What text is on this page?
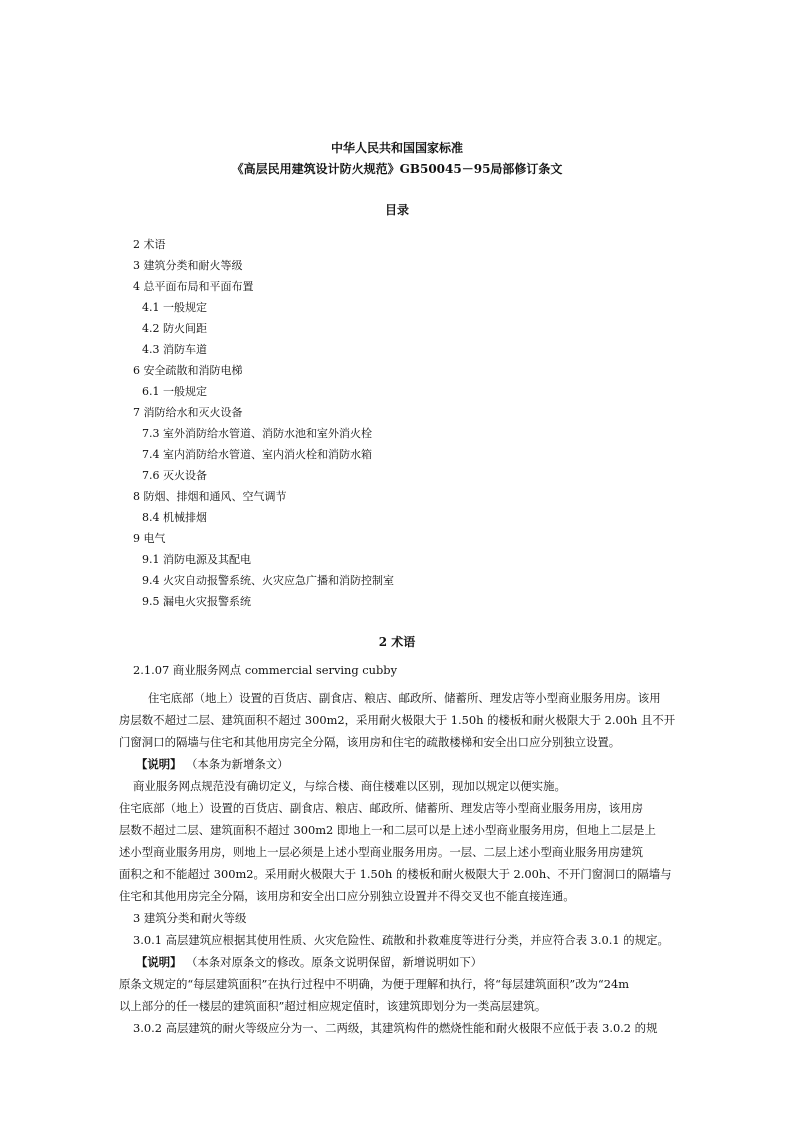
中华人民共和国国家标准
《高层民用建筑设计防火规范》GB50045－95局部修订条文
目录
2 术语
3 建筑分类和耐火等级
4 总平面布局和平面布置
4.1 一般规定
4.2 防火间距
4.3 消防车道
6 安全疏散和消防电梯
6.1 一般规定
7 消防给水和灭火设备
7.3 室外消防给水管道、消防水池和室外消火栓
7.4 室内消防给水管道、室内消火栓和消防水箱
7.6 灭火设备
8 防烟、排烟和通风、空气调节
8.4 机械排烟
9 电气
9.1 消防电源及其配电
9.4 火灾自动报警系统、火灾应急广播和消防控制室
9.5 漏电火灾报警系统
2 术语
2.1.07 商业服务网点 commercial serving cubby
住宅底部（地上）设置的百货店、副食店、粮店、邮政所、储蓄所、理发店等小型商业服务用房。该用
房层数不超过二层、建筑面积不超过 300m2，采用耐火极限大于 1.50h 的楼板和耐火极限大于 2.00h 且不开
门窗洞口的隔墙与住宅和其他用房完全分隔，该用房和住宅的疏散楼梯和安全出口应分别独立设置。
【说明】 （本条为新增条文）
商业服务网点规范没有确切定义，与综合楼、商住楼难以区别，现加以规定以便实施。
住宅底部（地上）设置的百货店、副食店、粮店、邮政所、储蓄所、理发店等小型商业服务用房，该用房
层数不超过二层、建筑面积不超过 300m2 即地上一和二层可以是上述小型商业服务用房，但地上二层是上
述小型商业服务用房，则地上一层必须是上述小型商业服务用房。一层、二层上述小型商业服务用房建筑
面积之和不能超过 300m2。采用耐火极限大于 1.50h 的楼板和耐火极限大于 2.00h、不开门窗洞口的隔墙与
住宅和其他用房完全分隔，该用房和安全出口应分别独立设置并不得交叉也不能直接连通。
3 建筑分类和耐火等级
3.0.1 高层建筑应根据其使用性质、火灾危险性、疏散和扑救难度等进行分类，并应符合表 3.0.1 的规定。
【说明】 （本条对原条文的修改。原条文说明保留，新增说明如下）
原条文规定的“每层建筑面积”在执行过程中不明确，为便于理解和执行，将“每层建筑面积”改为“24m
以上部分的任一楼层的建筑面积”超过相应规定值时，该建筑即划分为一类高层建筑。
3.0.2 高层建筑的耐火等级应分为一、二两级，其建筑构件的燃烧性能和耐火极限不应低于表 3.0.2 的规
